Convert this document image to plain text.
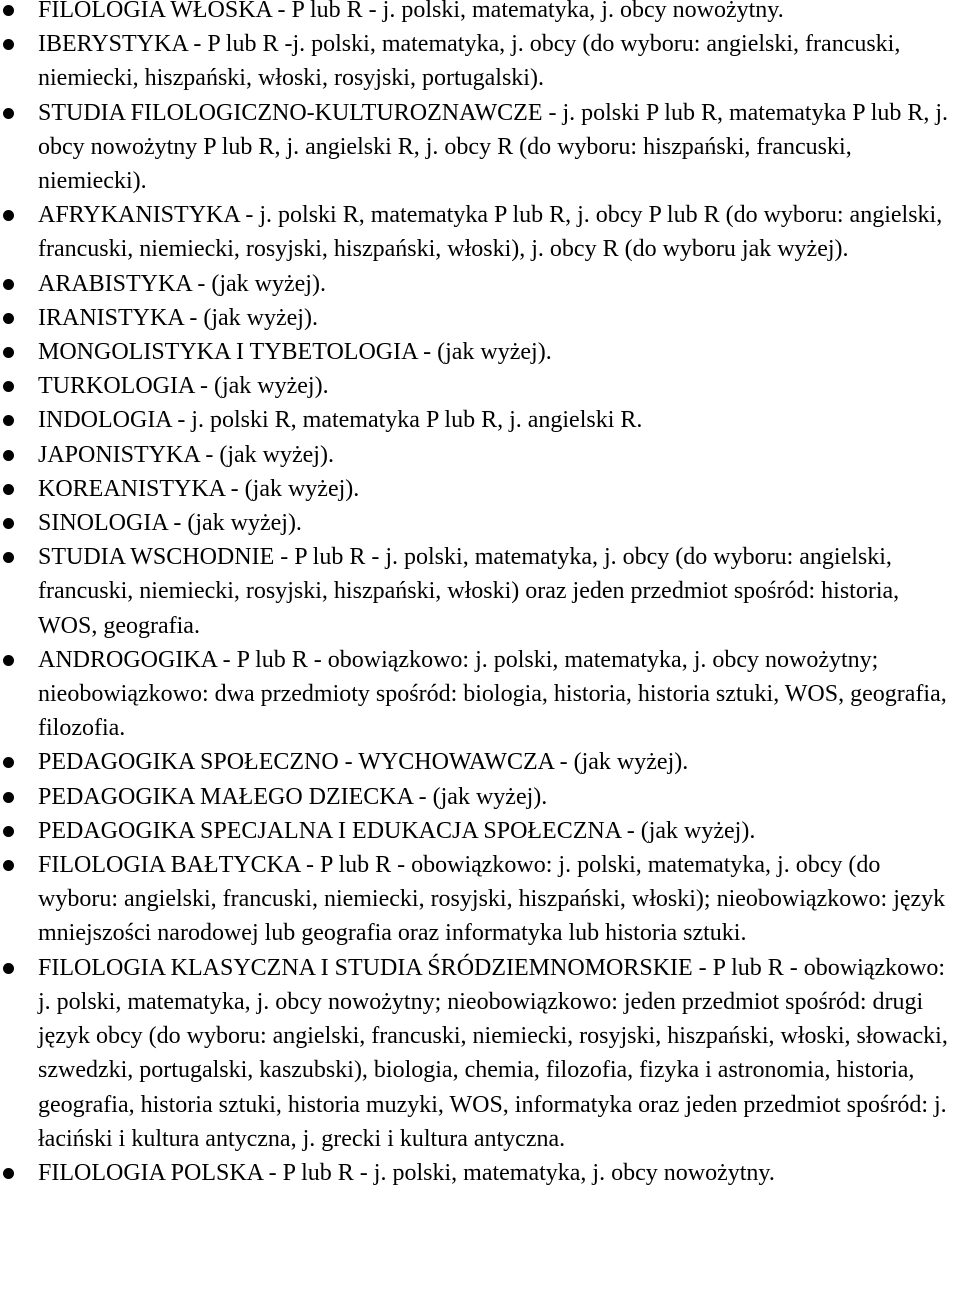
FILOLOGIA WŁOSKA - P lub R - j. polski, matematyka, j. obcy nowożytny.
IBERYSTYKA - P lub R -j. polski, matematyka, j. obcy (do wyboru: angielski, francuski, niemiecki, hiszpański, włoski, rosyjski, portugalski).
STUDIA FILOLOGICZNO-KULTUROZNAWCZE - j. polski P lub R, matematyka P lub R, j. obcy nowożytny P lub R, j. angielski R, j. obcy R (do wyboru: hiszpański, francuski, niemiecki).
AFRYKANISTYKA - j. polski R, matematyka P lub R, j. obcy P lub R (do wyboru: angielski, francuski, niemiecki, rosyjski, hiszpański, włoski), j. obcy R (do wyboru jak wyżej).
ARABISTYKA - (jak wyżej).
IRANISTYKA - (jak wyżej).
MONGOLISTYKA I TYBETOLOGIA - (jak wyżej).
TURKOLOGIA - (jak wyżej).
INDOLOGIA - j. polski R, matematyka P lub R, j. angielski R.
JAPONISTYKA - (jak wyżej).
KOREANISTYKA - (jak wyżej).
SINOLOGIA - (jak wyżej).
STUDIA WSCHODNIE - P lub R - j. polski, matematyka, j. obcy (do wyboru: angielski, francuski, niemiecki, rosyjski, hiszpański, włoski) oraz jeden przedmiot spośród: historia, WOS, geografia.
ANDROGOGIKA - P lub R - obowiązkowo: j. polski, matematyka, j. obcy nowożytny; nieobowiązkowo: dwa przedmioty spośród: biologia, historia, historia sztuki, WOS, geografia, filozofia.
PEDAGOGIKA SPOŁECZNO - WYCHOWAWCZA - (jak wyżej).
PEDAGOGIKA MAŁEGO DZIECKA - (jak wyżej).
PEDAGOGIKA SPECJALNA I EDUKACJA SPOŁECZNA - (jak wyżej).
FILOLOGIA BAŁTYCKA - P lub R - obowiązkowo: j. polski, matematyka, j. obcy (do wyboru: angielski, francuski, niemiecki, rosyjski, hiszpański, włoski); nieobowiązkowo: język mniejszości narodowej lub geografia oraz informatyka lub historia sztuki.
FILOLOGIA KLASYCZNA I STUDIA ŚRÓDZIEMNOMORSKIE - P lub R - obowiązkowo: j. polski, matematyka, j. obcy nowożytny; nieobowiązkowo: jeden przedmiot spośród: drugi język obcy (do wyboru: angielski, francuski, niemiecki, rosyjski, hiszpański, włoski, słowacki, szwedzki, portugalski, kaszubski), biologia, chemia, filozofia, fizyka i astronomia, historia, geografia, historia sztuki, historia muzyki, WOS, informatyka oraz jeden przedmiot spośród: j. łaciński i kultura antyczna, j. grecki i kultura antyczna.
FILOLOGIA POLSKA - P lub R - j. polski, matematyka, j. obcy nowożytny.
